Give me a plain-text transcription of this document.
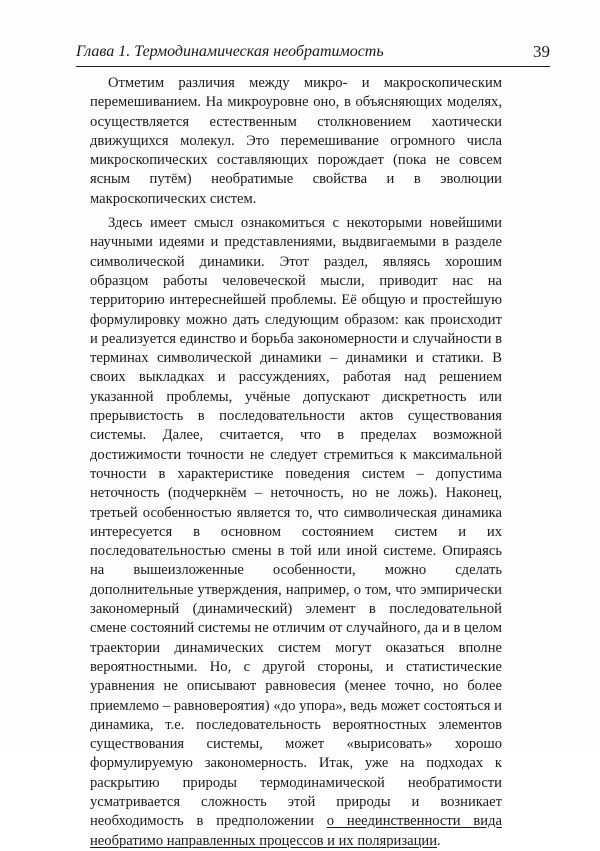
Глава 1. Термодинамическая необратимость	39

Отметим различия между микро- и макроскопическим перемешиванием. На микроуровне оно, в объясняющих моделях, осуществляется естественным столкновением хаотически движущихся молекул. Это перемешивание огромного числа микроскопических составляющих порождает (пока не совсем ясным путём) необратимые свойства и в эволюции макроскопических систем.

Здесь имеет смысл ознакомиться с некоторыми новейшими научными идеями и представлениями, выдвигаемыми в разделе символической динамики. Этот раздел, являясь хорошим образцом работы человеческой мысли, приводит нас на территорию интереснейшей проблемы. Её общую и простейшую формулировку можно дать следующим образом: как происходит и реализуется единство и борьба закономерности и случайности в терминах символической динамики – динамики и статики. В своих выкладках и рассуждениях, работая над решением указанной проблемы, учёные допускают дискретность или прерывистость в последовательности актов существования системы. Далее, считается, что в пределах возможной достижимости точности не следует стремиться к максимальной точности в характеристике поведения систем – допустима неточность (подчеркнём – неточность, но не ложь). Наконец, третьей особенностью является то, что символическая динамика интересуется в основном состоянием систем и их последовательностью смены в той или иной системе. Опираясь на вышеизложенные особенности, можно сделать дополнительные утверждения, например, о том, что эмпирически закономерный (динамический) элемент в последовательной смене состояний системы не отличим от случайного, да и в целом траектории динамических систем могут оказаться вполне вероятностными. Но, с другой стороны, и статистические уравнения не описывают равновесия (менее точно, но более приемлемо – равновероятия) «до упора», ведь может состояться и динамика, т.е. последовательность вероятностных элементов существования системы, может «вырисовать» хорошо формулируемую закономерность. Итак, уже на подходах к раскрытию природы термодинамической необратимости усматривается сложность этой природы и возникает необходимость в предположении о неединственности вида необратимо направленных процессов и их поляризации.
